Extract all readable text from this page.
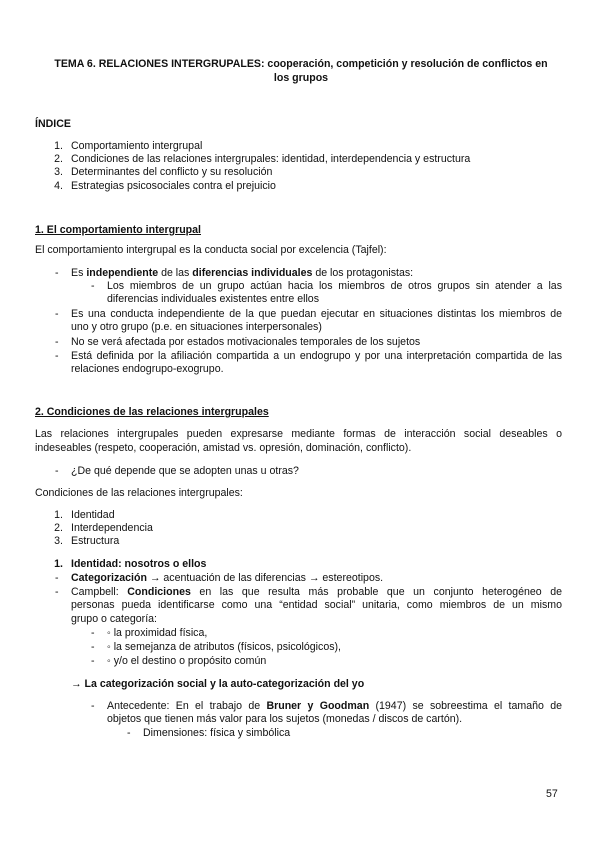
TEMA 6. RELACIONES INTERGRUPALES: cooperación, competición y resolución de conflictos en
los grupos
ÍNDICE
1. Comportamiento intergrupal
2. Condiciones de las relaciones intergrupales: identidad, interdependencia y estructura
3. Determinantes del conflicto y su resolución
4. Estrategias psicosociales contra el prejuicio
1. El comportamiento intergrupal
El comportamiento intergrupal es la conducta social por excelencia (Tajfel):
- Es independiente de las diferencias individuales de los protagonistas:
- Los miembros de un grupo actúan hacia los miembros de otros grupos sin atender a las
diferencias individuales existentes entre ellos
- Es una conducta independiente de la que puedan ejecutar en situaciones distintas los miembros de
uno y otro grupo (p.e. en situaciones interpersonales)
- No se verá afectada por estados motivacionales temporales de los sujetos
- Está definida por la afiliación compartida a un endogrupo y por una interpretación compartida de las
relaciones endogrupo-exogrupo.
2. Condiciones de las relaciones intergrupales
Las relaciones intergrupales pueden expresarse mediante formas de interacción social deseables o
indeseables (respeto, cooperación, amistad vs. opresión, dominación, conflicto).
- ¿De qué depende que se adopten unas u otras?
Condiciones de las relaciones intergrupales:
1. Identidad
2. Interdependencia
3. Estructura
1. Identidad: nosotros o ellos
- Categorización → acentuación de las diferencias → estereotipos.
- Campbell: Condiciones en las que resulta más probable que un conjunto heterogéneo de
personas pueda identificarse como una “entidad social” unitaria, como miembros de un mismo
grupo o categoría:
- ◦ la proximidad física,
- ◦ la semejanza de atributos (físicos, psicológicos),
- ◦ y/o el destino o propósito común
→ La categorización social y la auto-categorización del yo
- Antecedente: En el trabajo de Bruner y Goodman (1947) se sobreestima el tamaño de
objetos que tienen más valor para los sujetos (monedas / discos de cartón).
- Dimensiones: física y simbólica
57
